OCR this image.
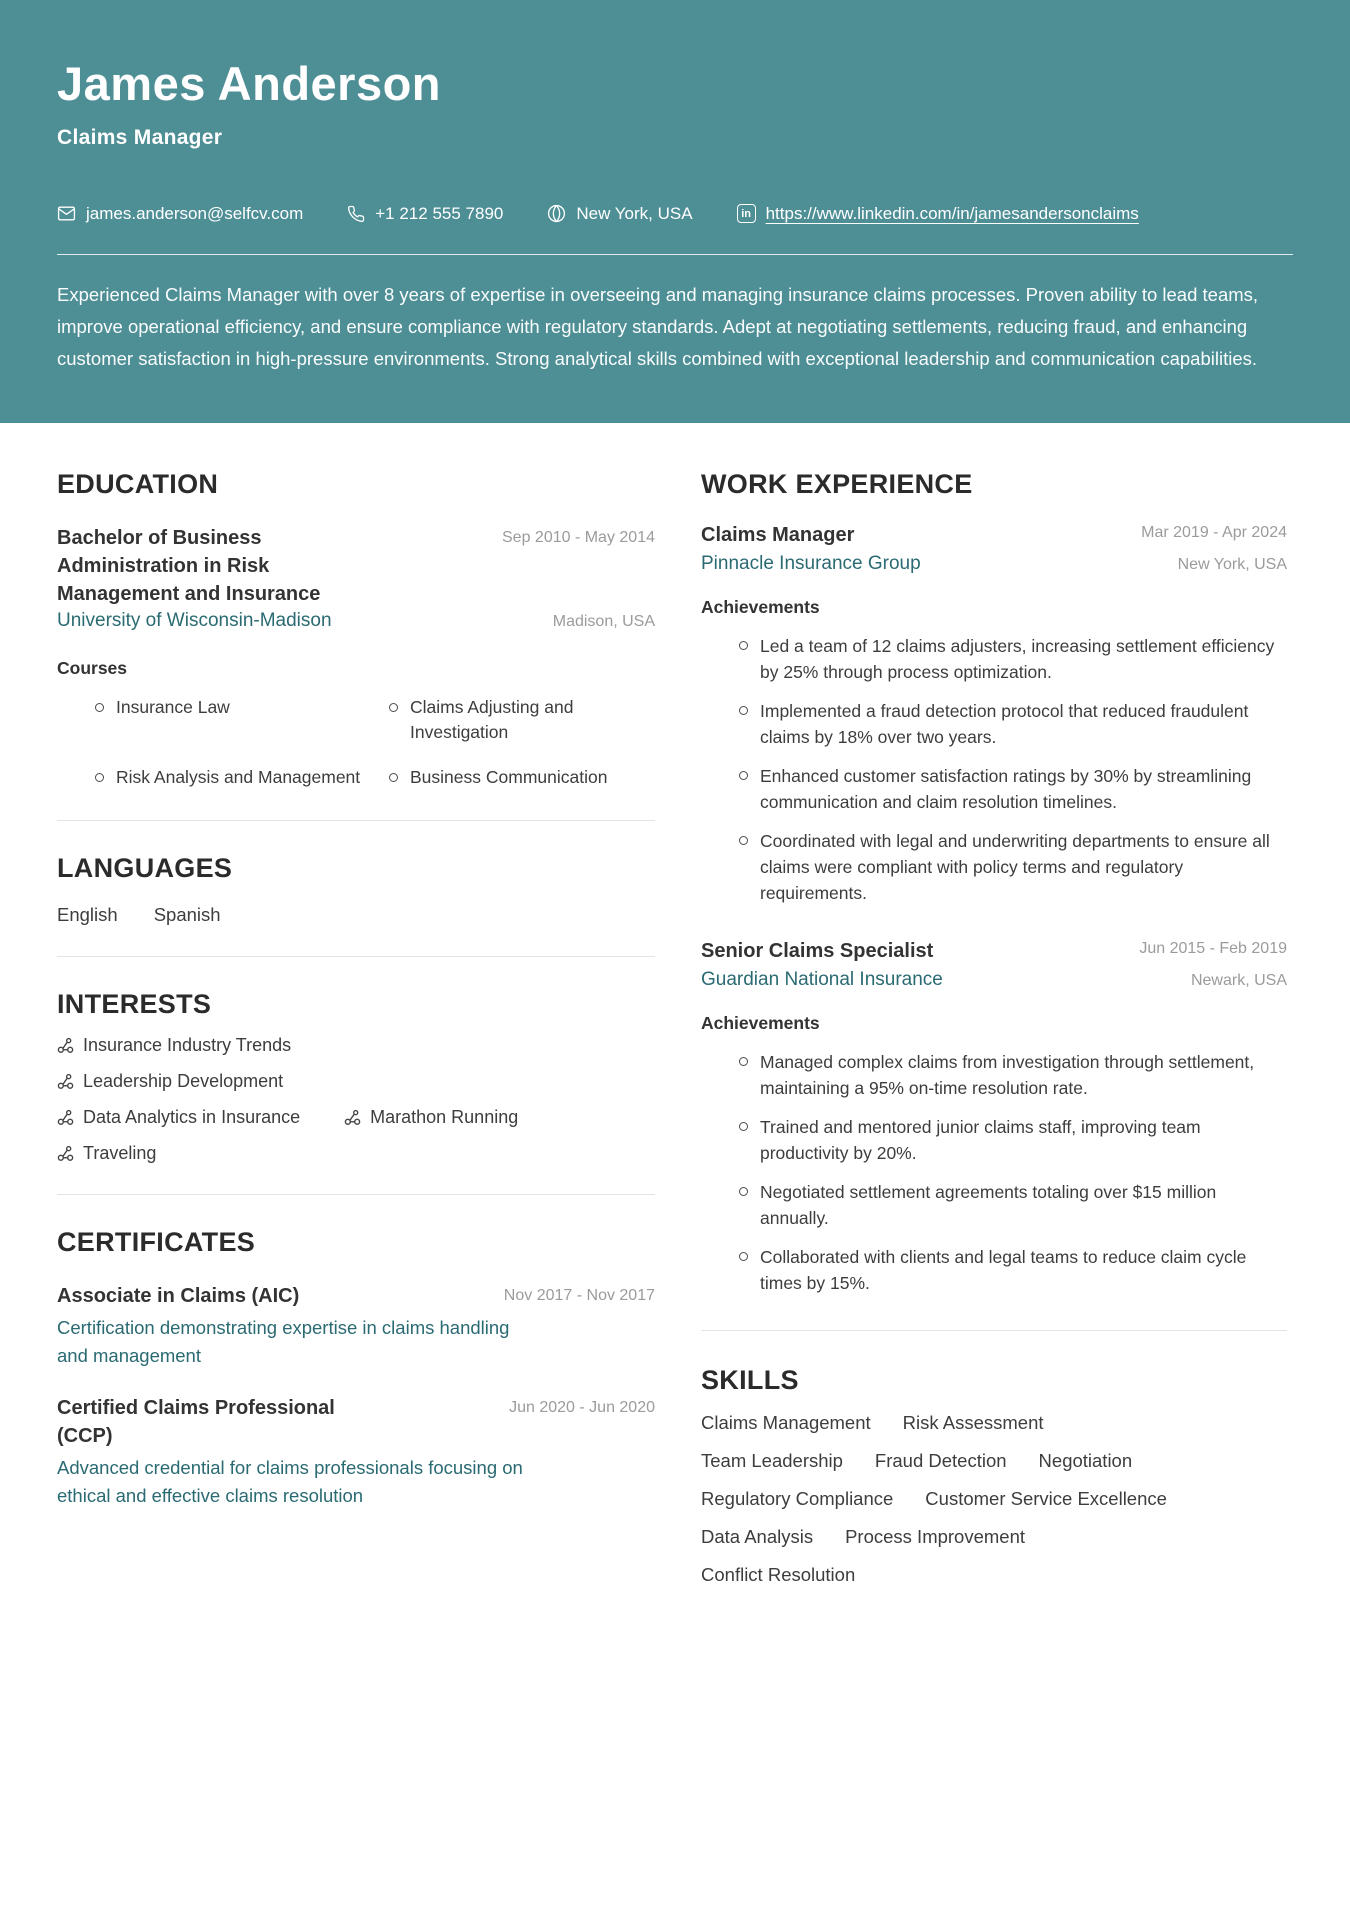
James Anderson
Claims Manager
james.anderson@selfcv.com	+1 212 555 7890	New York, USA	in https://www.linkedin.com/in/jamesandersonclaims

Experienced Claims Manager with over 8 years of expertise in overseeing and managing insurance claims processes. Proven ability to lead teams, improve operational efficiency, and ensure compliance with regulatory standards. Adept at negotiating settlements, reducing fraud, and enhancing customer satisfaction in high-pressure environments. Strong analytical skills combined with exceptional leadership and communication capabilities.

EDUCATION
Bachelor of Business Administration in Risk Management and Insurance
Sep 2010 - May 2014
University of Wisconsin-Madison	Madison, USA
Courses
Insurance Law	Claims Adjusting and Investigation
Risk Analysis and Management	Business Communication
LANGUAGES
English Spanish
INTERESTS
Insurance Industry Trends
Leadership Development
Data Analytics in Insurance	Marathon Running
Traveling
CERTIFICATES
Associate in Claims (AIC)	Nov 2017 - Nov 2017
Certification demonstrating expertise in claims handling and management
Certified Claims Professional (CCP)
Jun 2020 - Jun 2020
Advanced credential for claims professionals focusing on ethical and effective claims resolution
WORK EXPERIENCE
Claims Manager	Mar 2019 - Apr 2024
Pinnacle Insurance Group	New York, USA
Achievements
Led a team of 12 claims adjusters, increasing settlement efficiency by 25% through process optimization.
Implemented a fraud detection protocol that reduced fraudulent claims by 18% over two years.
Enhanced customer satisfaction ratings by 30% by streamlining communication and claim resolution timelines.
Coordinated with legal and underwriting departments to ensure all claims were compliant with policy terms and regulatory requirements.
Senior Claims Specialist	Jun 2015 - Feb 2019
Guardian National Insurance	Newark, USA
Achievements
Managed complex claims from investigation through settlement, maintaining a 95% on-time resolution rate.
Trained and mentored junior claims staff, improving team productivity by 20%.
Negotiated settlement agreements totaling over $15 million annually.
Collaborated with clients and legal teams to reduce claim cycle times by 15%.
SKILLS
Claims Management Risk Assessment
Team Leadership Fraud Detection Negotiation
Regulatory Compliance Customer Service Excellence
Data Analysis Process Improvement
Conflict Resolution
